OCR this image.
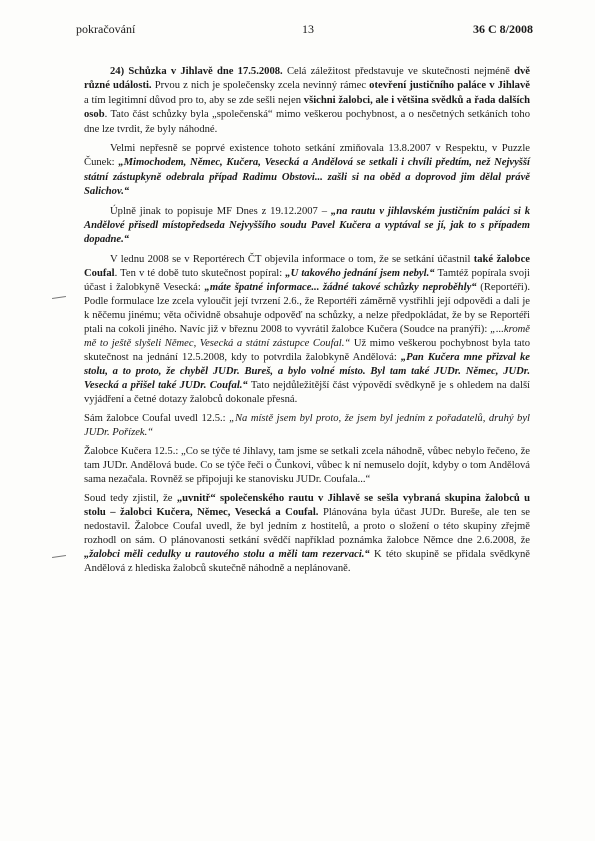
pokračování	13	36 C 8/2008

24) Schůzka v Jihlavě dne 17.5.2008. Celá záležitost představuje ve skutečnosti nejméně dvě různé události. Prvou z nich je společensky zcela nevinný rámec otevření justičního paláce v Jihlavě a tím legitimní důvod pro to, aby se zde sešli nejen všichni žalobci, ale i většina svědků a řada dalších osob. Tato část schůzky byla „společenská“ mimo veškerou pochybnost, a o nesčetných setkáních toho dne lze tvrdit, že byly náhodné.

Velmi nepřesně se poprvé existence tohoto setkání zmiňovala 13.8.2007 v Respektu, v Puzzle Čunek: „Mimochodem, Němec, Kučera, Vesecká a Andělová se setkali i chvíli předtím, než Nejvyšší státní zástupkyně odebrala případ Radimu Obstovi... zašli si na oběd a doprovod jim dělal právě Salichov.“

Úplně jinak to popisuje MF Dnes z 19.12.2007 – „na rautu v jihlavském justičním paláci si k Andělové přisedl místopředseda Nejvyššího soudu Pavel Kučera a vyptával se jí, jak to s případem dopadne.“

V lednu 2008 se v Reportérech ČT objevila informace o tom, že se setkání účastnil také žalobce Coufal. Ten v té době tuto skutečnost popíral: „U takového jednání jsem nebyl.“ Tamtéž popírala svoji účast i žalobkyně Vesecká: „máte špatné informace... žádné takové schůzky neproběhly“ (Reportéři). Podle formulace lze zcela vyloučit její tvrzení 2.6., že Reportéři záměrně vystřihli její odpovědi a dali je k něčemu jinému; věta očividně obsahuje odpověď na schůzky, a nelze předpokládat, že by se Reportéři ptali na cokoli jiného. Navíc již v březnu 2008 to vyvrátil žalobce Kučera (Soudce na pranýři): „...kromě mě to ještě slyšeli Němec, Vesecká a státní zástupce Coufal.“ Už mimo veškerou pochybnost byla tato skutečnost na jednání 12.5.2008, kdy to potvrdila žalobkyně Andělová: „Pan Kučera mne přizval ke stolu, a to proto, že chyběl JUDr. Bureš, a bylo volné místo. Byl tam také JUDr. Němec, JUDr. Vesecká a přišel také JUDr. Coufal.“ Tato nejdůležitější část výpovědí svědkyně je s ohledem na další vyjádření a četné dotazy žalobců dokonale přesná.

Sám žalobce Coufal uvedl 12.5.: „Na místě jsem byl proto, že jsem byl jedním z pořadatelů, druhý byl JUDr. Pořízek.“

Žalobce Kučera 12.5.: „Co se týče té Jihlavy, tam jsme se setkali zcela náhodně, vůbec nebylo řečeno, že tam JUDr. Andělová bude. Co se týče řeči o Čunkovi, vůbec k ní nemuselo dojít, kdyby o tom Andělová sama nezačala. Rovněž se připojuji ke stanovisku JUDr. Coufala...“

Soud tedy zjistil, že „uvnitř“ společenského rautu v Jihlavě se sešla vybraná skupina žalobců u stolu – žalobci Kučera, Němec, Vesecká a Coufal. Plánována byla účast JUDr. Bureše, ale ten se nedostavil. Žalobce Coufal uvedl, že byl jedním z hostitelů, a proto o složení o této skupiny zřejmě rozhodl on sám. O plánovanosti setkání svědčí například poznámka žalobce Němce dne 2.6.2008, že „žalobci měli cedulky u rautového stolu a měli tam rezervaci.“ K této skupině se přidala svědkyně Andělová z hlediska žalobců skutečně náhodně a neplánovaně.
